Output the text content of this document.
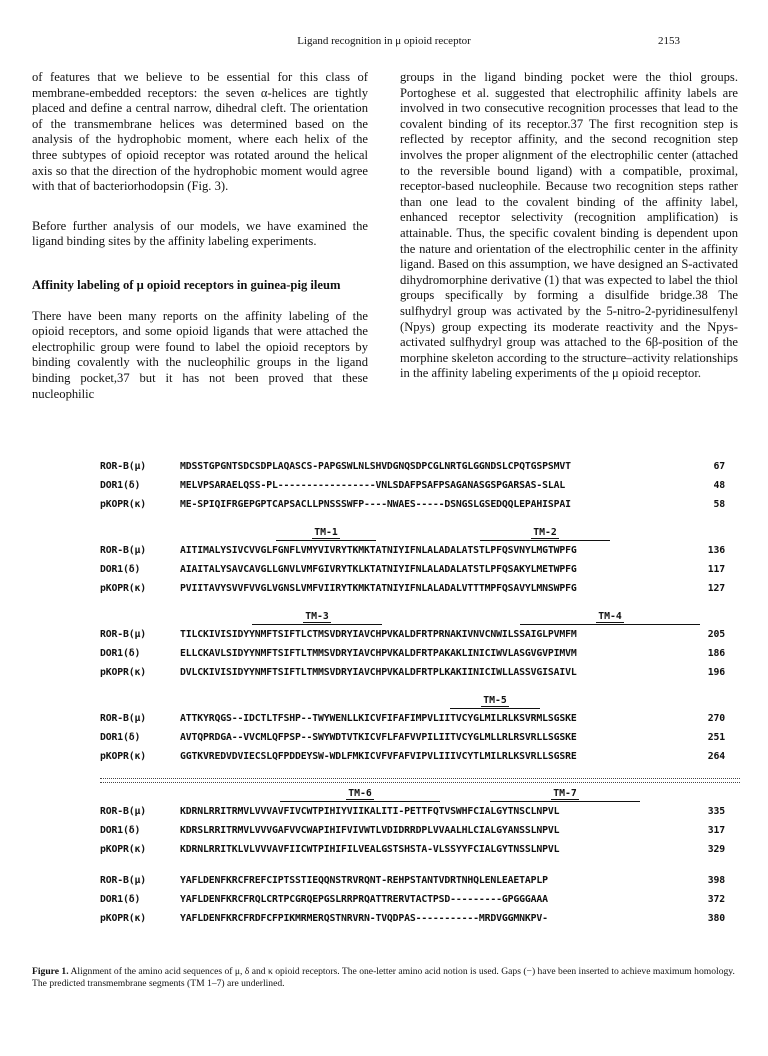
Ligand recognition in μ opioid receptor	2153

of features that we believe to be essential for this class of membrane-embedded receptors: the seven α-helices are tightly placed and define a central narrow, dihedral cleft. The orientation of the transmembrane helices was determined based on the analysis of the hydrophobic moment, where each helix of the three subtypes of opioid receptor was rotated around the helical axis so that the direction of the hydrophobic moment would agree with that of bacteriorhodopsin (Fig. 3).

Before further analysis of our models, we have examined the ligand binding sites by the affinity labeling experiments.

Affinity labeling of μ opioid receptors in guinea-pig ileum

There have been many reports on the affinity labeling of the opioid receptors, and some opioid ligands that were attached the electrophilic group were found to label the opioid receptors by binding covalently with the nucleophilic groups in the ligand binding pocket,37 but it has not been proved that these nucleophilic

groups in the ligand binding pocket were the thiol groups. Portoghese et al. suggested that electrophilic affinity labels are involved in two consecutive recognition processes that lead to the covalent binding of its receptor.37 The first recognition step is reflected by receptor affinity, and the second recognition step involves the proper alignment of the electrophilic center (attached to the reversible bound ligand) with a compatible, proximal, receptor-based nucleophile. Because two recognition steps rather than one lead to the covalent binding of the affinity label, enhanced receptor selectivity (recognition amplification) is attainable. Thus, the specific covalent binding is dependent upon the nature and orientation of the electrophilic center in the affinity ligand. Based on this assumption, we have designed an S-activated dihydromorphine derivative (1) that was expected to label the thiol groups specifically by forming a disulfide bridge.38 The sulfhydryl group was activated by the 5-nitro-2-pyridinesulfenyl (Npys) group expecting its moderate reactivity and the Npys-activated sulfhydryl group was attached to the 6β-position of the morphine skeleton according to the structure–activity relationships in the affinity labeling experiments of the μ opioid receptor.

ROR-B(μ)	MDSSTGPGNTSDCSDPLAQASCS-PAPGSWLNLSHVDGNQSDPCGLNRTGLGGNDSLCPQTGSPSMVT	67
DOR1(δ)	MELVPSARAELQSS-PL-----------------VNLSDAFPSAFPSAGANASGSPGARSAS-SLAL	48
pKOPR(κ)	ME-SPIQIFRGEPGPTCAPSACLLPNSSSWFP----NWAES-----DSNGSLGSEDQQLEPAHISPAI	58
TM-1	TM-2
ROR-B(μ)	AITIMALYSIVCVVGLFGNFLVMYVIVRYTKMKTATNIYIFNLALADALATSTLPFQSVNYLMGTWPFG	136
DOR1(δ)	AIAITALYSAVCAVGLLGNVLVMFGIVRYTKLKTATNIYIFNLALADALATSTLPFQSAKYLMETWPFG	117
pKOPR(κ)	PVIITAVYSVVFVVGLVGNSLVMFVIIRYTKMKTATNIYIFNLALADALVTTTMPFQSAVYLMNSWPFG	127
TM-3	TM-4
ROR-B(μ)	TILCKIVISIDYYNMFTSIFTLCTMSVDRYIAVCHPVKALDFRTPRNAKIVNVCNWILSSAIGLPVMFM	205
DOR1(δ)	ELLCKAVLSIDYYNMFTSIFTLTMMSVDRYIAVCHPVKALDFRTPAKAKLINICIWVLASGVGVPIMVM	186
pKOPR(κ)	DVLCKIVISIDYYNMFTSIFTLTMMSVDRYIAVCHPVKALDFRTPLKAKIINICIWLLASSVGISAIVL	196
TM-5
ROR-B(μ)	ATTKYRQGS--IDCTLTFSHP--TWYWENLLKICVFIFAFIMPVLIITVCYGLMILRLKSVRMLSGSKE	270
DOR1(δ)	AVTQPRDGA--VVCMLQFPSP--SWYWDTVTKICVFLFAFVVPILIITVCYGLMLLRLRSVRLLSGSKE	251
pKOPR(κ)	GGTKVREDVDVIECSLQFPDDEYSW-WDLFMKICVFVFAFVIPVLIIIVCYTLMILRLKSVRLLSGSRE	264
TM-6	TM-7
ROR-B(μ)	KDRNLRRITRMVLVVVAVFIVCWTPIHIYVIIKALITI-PETTFQTVSWHFCIALGYTNSCLNPVL	335
DOR1(δ)	KDRSLRRITRMVLVVVGAFVVCWAPIHIFVIVWTLVDIDRRDPLVVAALHLCIALGYANSSLNPVL	317
pKOPR(κ)	KDRNLRRITKLVLVVVAVFIICWTPIHIFILVEALGSTSHSTA-VLSSYYFCIALGYTNSSLNPVL	329
ROR-B(μ)	YAFLDENFKRCFREFCIPTSSTIEQQNSTRVRQNT-REHPSTANTVDRTNHQLENLEAETAPLP	398
DOR1(δ)	YAFLDENFKRCFRQLCRTPCGRQEPGSLRRPRQATTRERVTACTPSD---------GPGGGAAA	372
pKOPR(κ)	YAFLDENFKRCFRDFCFPIKMRMERQSTNRVRN-TVQDPAS-----------MRDVGGMNKPV-	380
Figure 1. Alignment of the amino acid sequences of μ, δ and κ opioid receptors. The one-letter amino acid notion is used. Gaps (−) have been inserted to achieve maximum homology. The predicted transmembrane segments (TM 1–7) are underlined.
